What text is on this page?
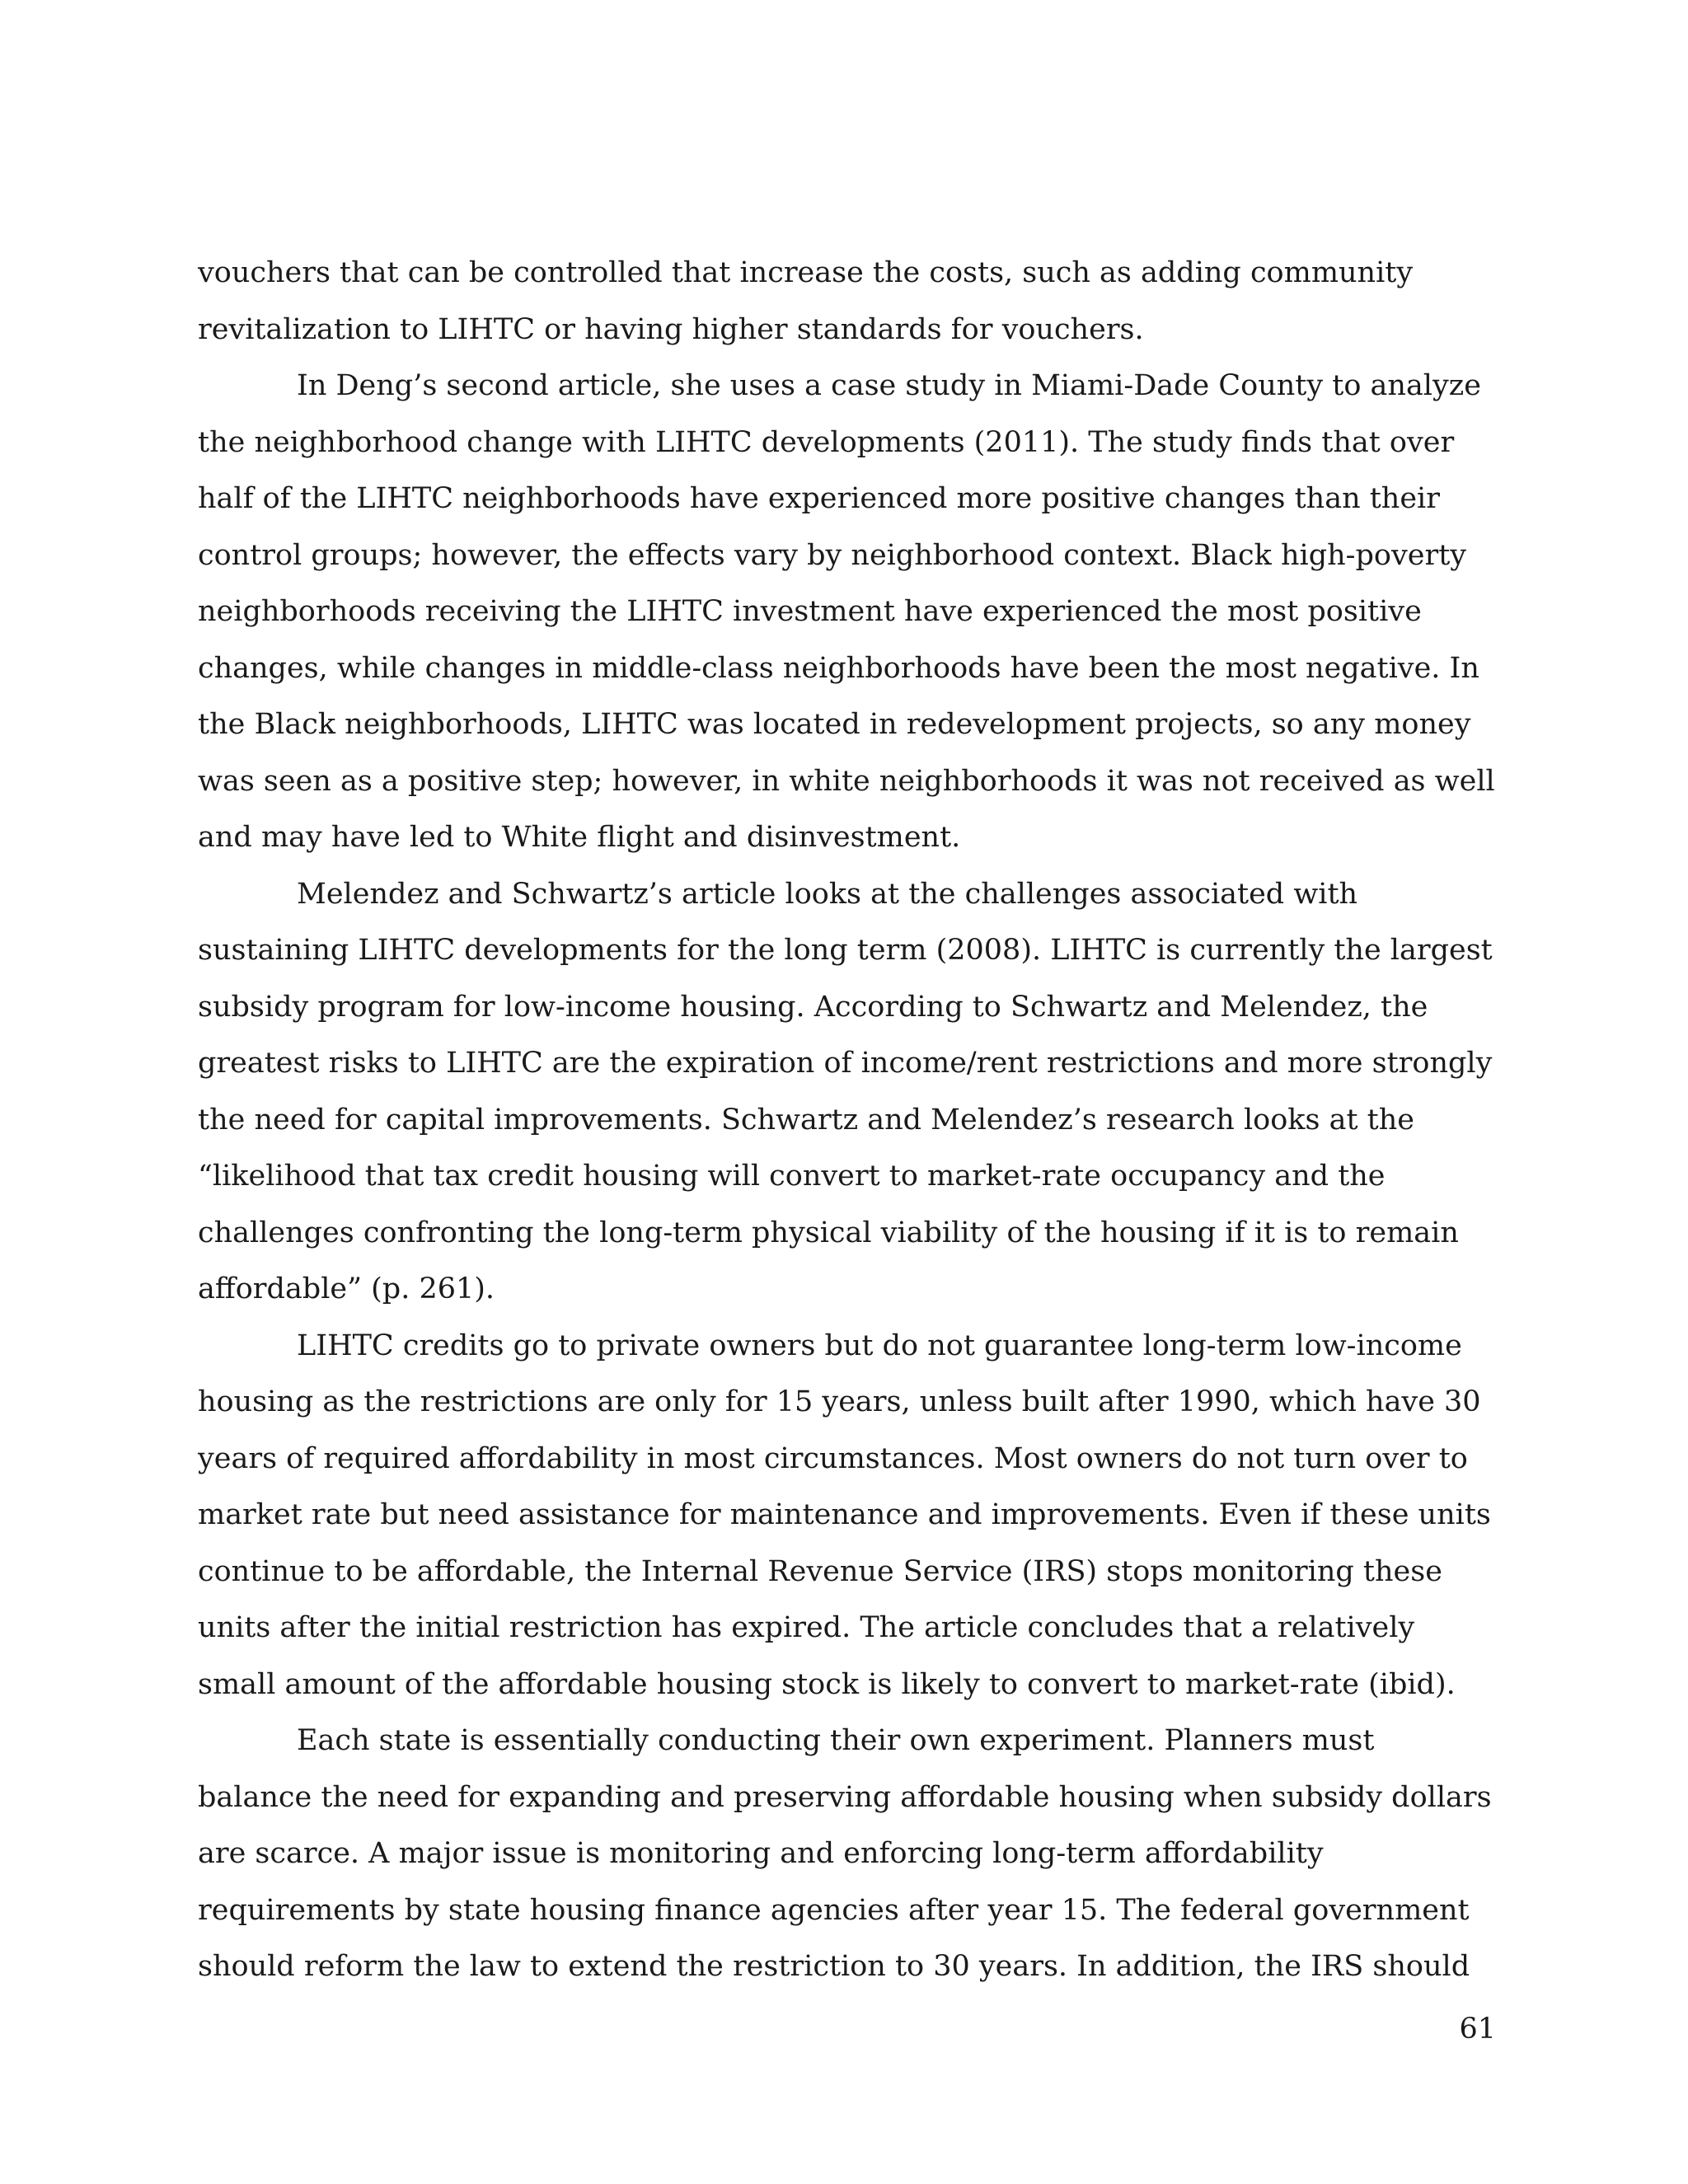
vouchers that can be controlled that increase the costs, such as adding community revitalization to LIHTC or having higher standards for vouchers.

In Deng’s second article, she uses a case study in Miami-Dade County to analyze the neighborhood change with LIHTC developments (2011). The study finds that over half of the LIHTC neighborhoods have experienced more positive changes than their control groups; however, the effects vary by neighborhood context. Black high-poverty neighborhoods receiving the LIHTC investment have experienced the most positive changes, while changes in middle-class neighborhoods have been the most negative. In the Black neighborhoods, LIHTC was located in redevelopment projects, so any money was seen as a positive step; however, in white neighborhoods it was not received as well and may have led to White flight and disinvestment.

Melendez and Schwartz’s article looks at the challenges associated with sustaining LIHTC developments for the long term (2008). LIHTC is currently the largest subsidy program for low-income housing. According to Schwartz and Melendez, the greatest risks to LIHTC are the expiration of income/rent restrictions and more strongly the need for capital improvements. Schwartz and Melendez’s research looks at the “likelihood that tax credit housing will convert to market-rate occupancy and the challenges confronting the long-term physical viability of the housing if it is to remain affordable” (p. 261).

LIHTC credits go to private owners but do not guarantee long-term low-income housing as the restrictions are only for 15 years, unless built after 1990, which have 30 years of required affordability in most circumstances. Most owners do not turn over to market rate but need assistance for maintenance and improvements. Even if these units continue to be affordable, the Internal Revenue Service (IRS) stops monitoring these units after the initial restriction has expired. The article concludes that a relatively small amount of the affordable housing stock is likely to convert to market-rate (ibid).

Each state is essentially conducting their own experiment. Planners must balance the need for expanding and preserving affordable housing when subsidy dollars are scarce. A major issue is monitoring and enforcing long-term affordability requirements by state housing finance agencies after year 15. The federal government should reform the law to extend the restriction to 30 years. In addition, the IRS should

61
